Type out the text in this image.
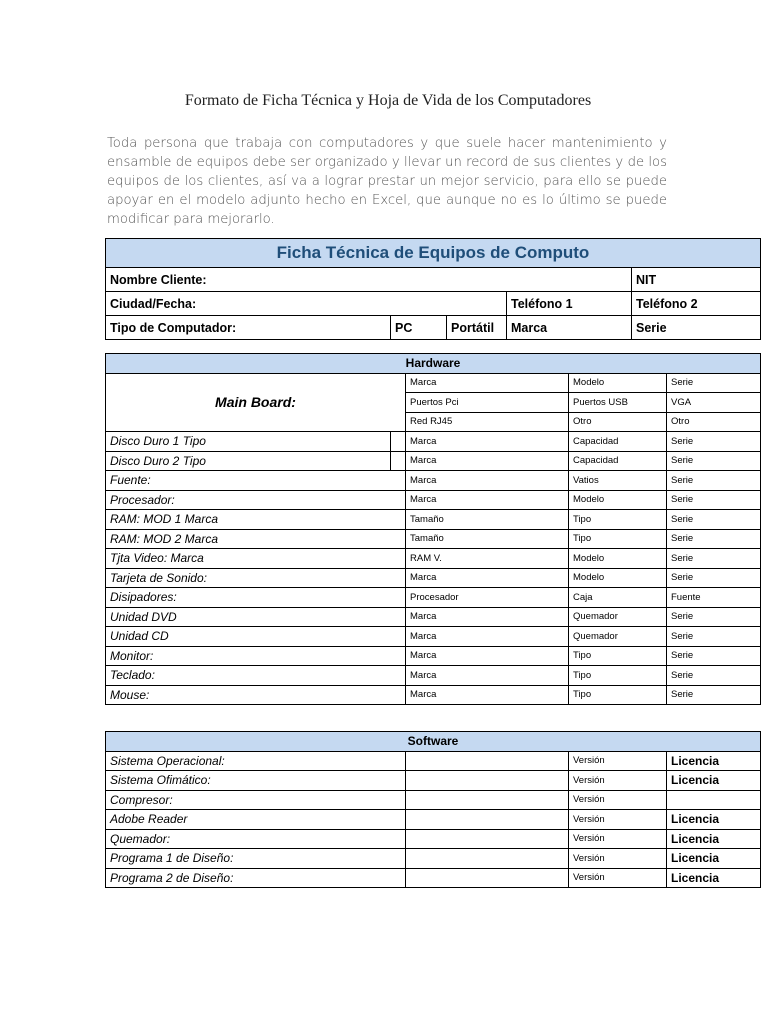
Formato de Ficha Técnica y Hoja de Vida de los Computadores

Toda persona que trabaja con computadores y que suele hacer mantenimiento y ensamble de equipos debe ser organizado y llevar un record de sus clientes y de los equipos de los clientes, así va a lograr prestar un mejor servicio, para ello se puede apoyar en el modelo adjunto hecho en Excel, que aunque no es lo último se puede modificar para mejorarlo.

Ficha Técnica de Equipos de Computo				
Nombre Cliente:				NIT
Ciudad/Fecha:			Teléfono 1	Teléfono 2
Tipo de Computador:	PC	Portátil	Marca	Serie
Hardware				
Main Board:		Marca	Modelo	Serie
		Puertos Pci	Puertos USB	VGA
		Red RJ45	Otro	Otro
Disco Duro 1 Tipo		Marca	Capacidad	Serie
Disco Duro 2 Tipo		Marca	Capacidad	Serie
Fuente:		Marca	Vatios	Serie
Procesador:		Marca	Modelo	Serie
RAM: MOD 1 Marca		Tamaño	Tipo	Serie
RAM: MOD 2 Marca		Tamaño	Tipo	Serie
Tjta Video: Marca		RAM V.	Modelo	Serie
Tarjeta de Sonido:		Marca	Modelo	Serie
Disipadores:		Procesador	Caja	Fuente
Unidad DVD		Marca	Quemador	Serie
Unidad CD		Marca	Quemador	Serie
Monitor:		Marca	Tipo	Serie
Teclado:		Marca	Tipo	Serie
Mouse:		Marca	Tipo	Serie
Software			
Sistema Operacional:		Versión	Licencia
Sistema Ofimático:		Versión	Licencia
Compresor:		Versión	
Adobe Reader		Versión	Licencia
Quemador:		Versión	Licencia
Programa 1 de Diseño:		Versión	Licencia
Programa 2 de Diseño:		Versión	Licencia
